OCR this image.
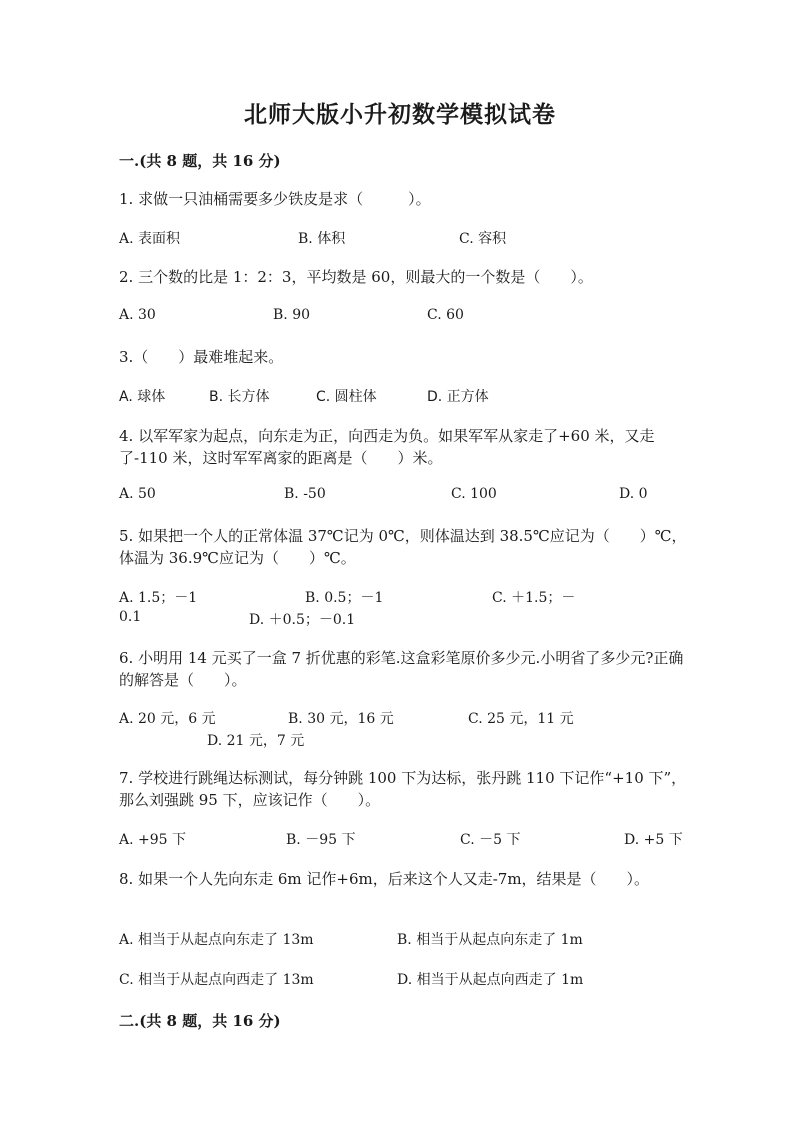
北师大版小升初数学模拟试卷
一.(共 8 题，共 16 分)
1. 求做一只油桶需要多少铁皮是求（　　　）。
A. 表面积	B. 体积	C. 容积
2. 三个数的比是 1：2：3，平均数是 60，则最大的一个数是（　　）。
A. 30	B. 90	C. 60
3.（　　）最难堆起来。
A. 球体	B. 长方体	C. 圆柱体	D. 正方体
4. 以军军家为起点，向东走为正，向西走为负。如果军军从家走了+60 米，又走了-110 米，这时军军离家的距离是（　　）米。
A. 50	B. -50	C. 100	D. 0
5. 如果把一个人的正常体温 37℃记为 0℃，则体温达到 38.5℃应记为（　　）℃，体温为 36.9℃应记为（　　）℃。
A. 1.5；－1	B. 0.5；－1	C. ＋1.5；－
0.1	D. ＋0.5；－0.1
6. 小明用 14 元买了一盒 7 折优惠的彩笔.这盒彩笔原价多少元.小明省了多少元?正确的解答是（　　）。
A. 20 元，6 元	B. 30 元，16 元	C. 25 元，11 元
D. 21 元，7 元
7. 学校进行跳绳达标测试，每分钟跳 100 下为达标，张丹跳 110 下记作“+10 下”，那么刘强跳 95 下，应该记作（　　）。
A. +95 下	B. －95 下	C. －5 下	D. +5 下
8. 如果一个人先向东走 6m 记作+6m，后来这个人又走-7m，结果是（　　）。
A. 相当于从起点向东走了 13m	B. 相当于从起点向东走了 1m
C. 相当于从起点向西走了 13m	D. 相当于从起点向西走了 1m
二.(共 8 题，共 16 分)
